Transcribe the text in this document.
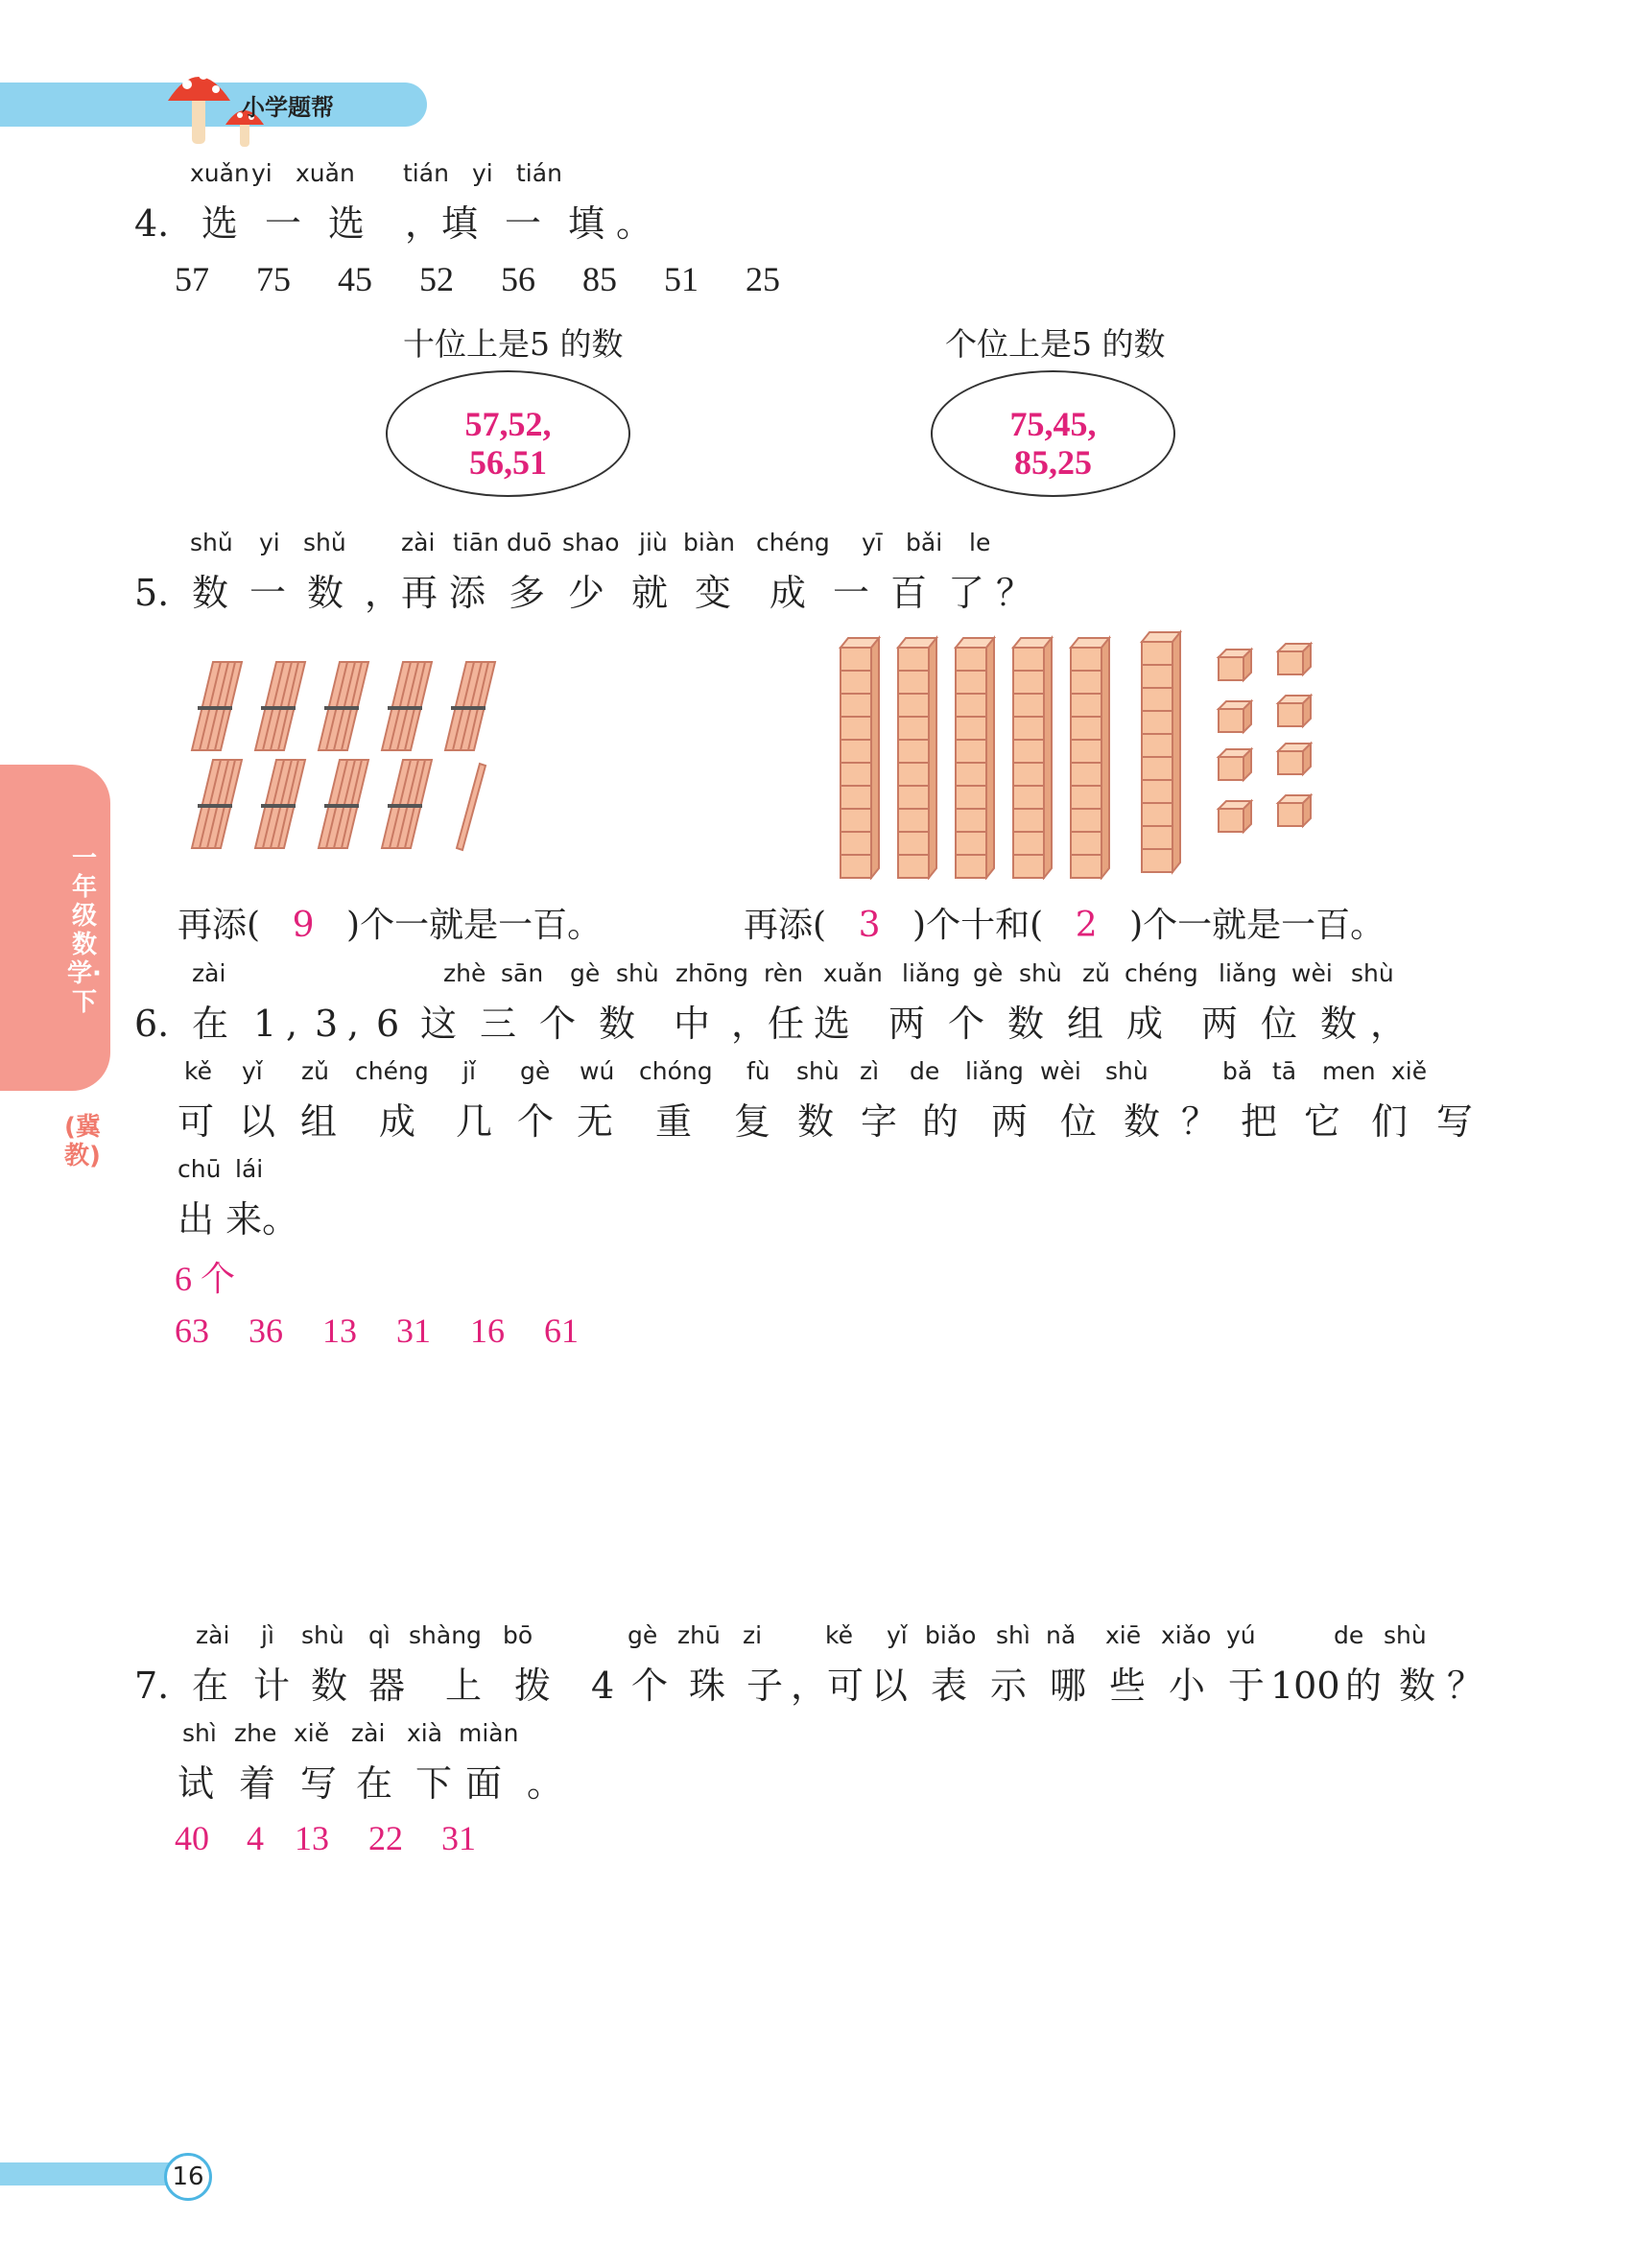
小学题帮
一年级数学·下
(冀教)
xuǎnyi xuǎn tián yi tián
4. 选 一 选 ，填 一 填 。
57 75 45 52 56 85 51 25
十位上是5 的数	个位上是5 的数
57,52,
56,51
75,45,
85,25
shǔ yi shǔ zài tiān duō shao jiù biàn chéng yī bǎi le
5. 数 一 数 ，再 添 多 少 就 变 成 一 百 了 ？
再添( 9 )个一就是一百。	再添( 3 )个十和( 2 )个一就是一百。
zài	zhè sān gè shù zhōng rèn xuǎn liǎng gè shù zǔ chéng liǎng wèi shù
6. 在 1 , 3 , 6 这 三 个 数 中 ，任 选 两 个 数 组 成 两 位 数 ，
kě yǐ zǔ chéng jǐ gè wú chóng fù shù zì de liǎng wèi shù	bǎ tā men xiě
可 以 组 成 几 个 无 重 复 数 字 的 两 位 数 ？ 把 它 们 写
chū lái
出 来。
6 个
63 36 13 31 16 61
zài jì shù qì shàng bō	gè zhū zi	kě yǐ biǎo shì nǎ xiē xiǎo yú	de shù
7. 在 计 数 器 上 拨 4 个 珠 子 ，可 以 表 示 哪 些 小 于 100 的 数 ？
shì zhe xiě zài xià miàn
试 着 写 在 下 面 。
40 4 13 22 31
16
